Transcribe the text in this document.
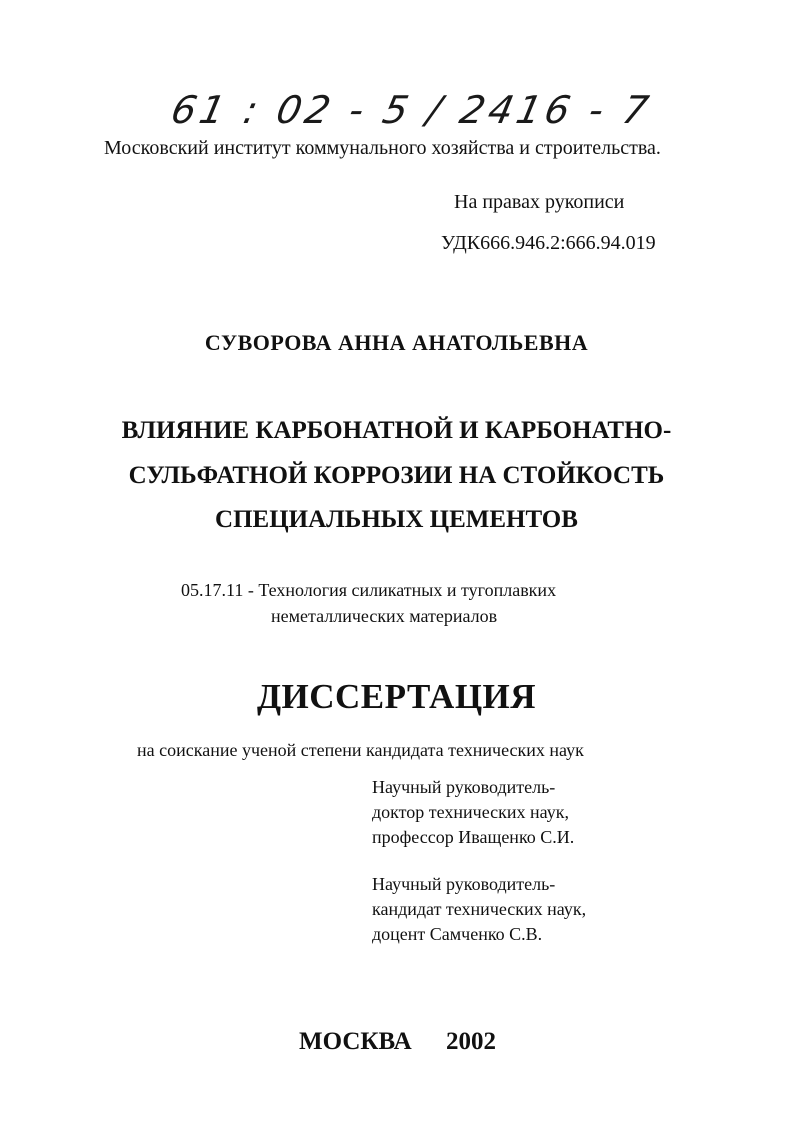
61 : 02 - 5 / 2416 - 7
Московский институт коммунального хозяйства и строительства.
На правах рукописи
УДК666.946.2:666.94.019
СУВОРОВА АННА АНАТОЛЬЕВНА
ВЛИЯНИЕ КАРБОНАТНОЙ И КАРБОНАТНО-
СУЛЬФАТНОЙ КОРРОЗИИ НА СТОЙКОСТЬ
СПЕЦИАЛЬНЫХ ЦЕМЕНТОВ
05.17.11 - Технология силикатных и тугоплавких
неметаллических материалов
ДИССЕРТАЦИЯ
на соискание ученой степени кандидата технических наук
Научный руководитель-
доктор технических наук,
профессор Иващенко С.И.
Научный руководитель-
кандидат технических наук,
доцент Самченко С.В.
МОСКВА 2002
